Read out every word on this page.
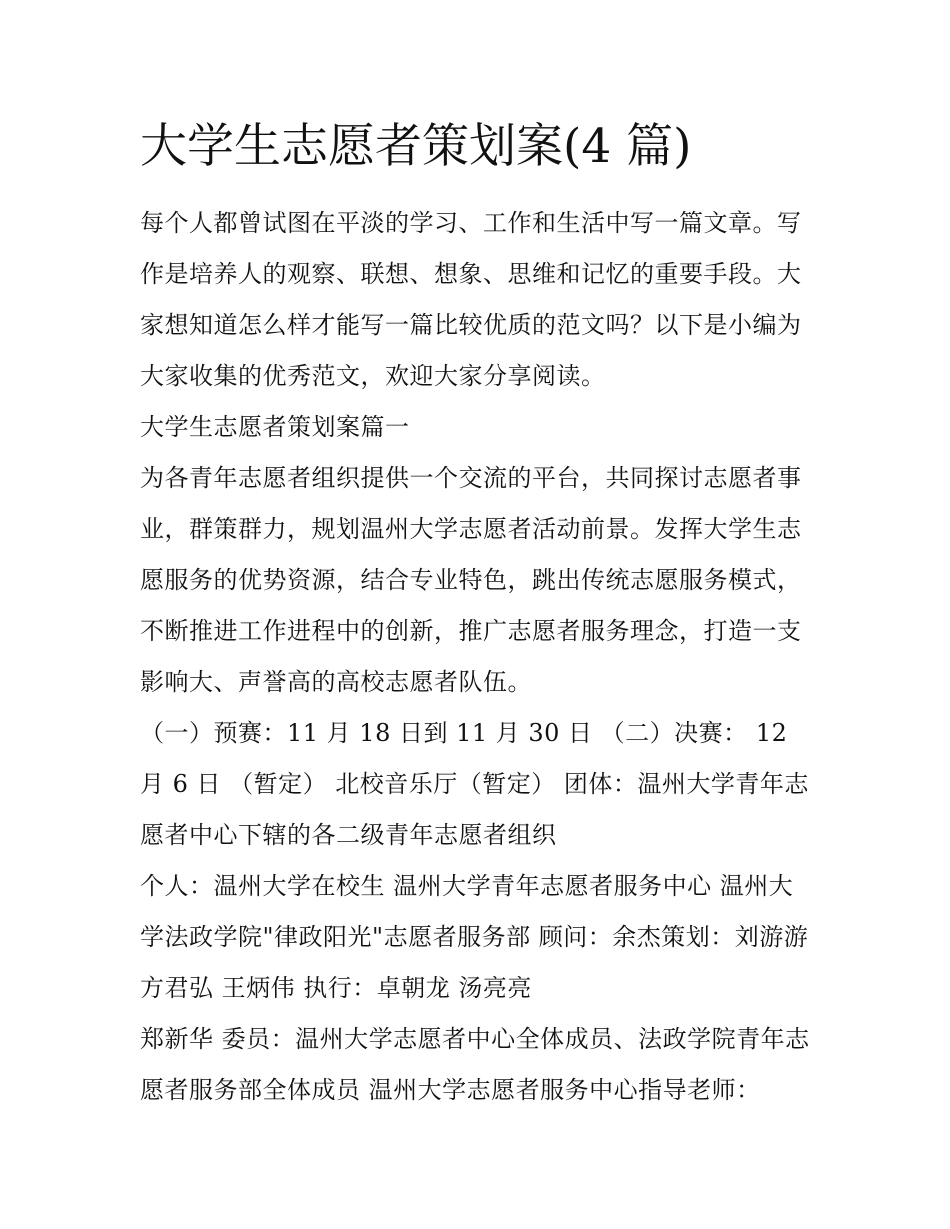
大学生志愿者策划案(4 篇)

每个人都曾试图在平淡的学习、工作和生活中写一篇文章。写作是培养人的观察、联想、想象、思维和记忆的重要手段。大家想知道怎么样才能写一篇比较优质的范文吗？以下是小编为大家收集的优秀范文，欢迎大家分享阅读。

大学生志愿者策划案篇一

为各青年志愿者组织提供一个交流的平台，共同探讨志愿者事业，群策群力，规划温州大学志愿者活动前景。发挥大学生志愿服务的优势资源，结合专业特色，跳出传统志愿服务模式，不断推进工作进程中的创新，推广志愿者服务理念，打造一支影响大、声誉高的高校志愿者队伍。

（一）预赛：11 月 18 日到 11 月 30 日 （二）决赛： 12 月 6 日 （暂定） 北校音乐厅（暂定） 团体：温州大学青年志愿者中心下辖的各二级青年志愿者组织

个人：温州大学在校生 温州大学青年志愿者服务中心 温州大学法政学院"律政阳光"志愿者服务部 顾问：余杰策划：刘游游 方君弘 王炳伟 执行：卓朝龙 汤亮亮

郑新华 委员：温州大学志愿者中心全体成员、法政学院青年志愿者服务部全体成员 温州大学志愿者服务中心指导老师：
